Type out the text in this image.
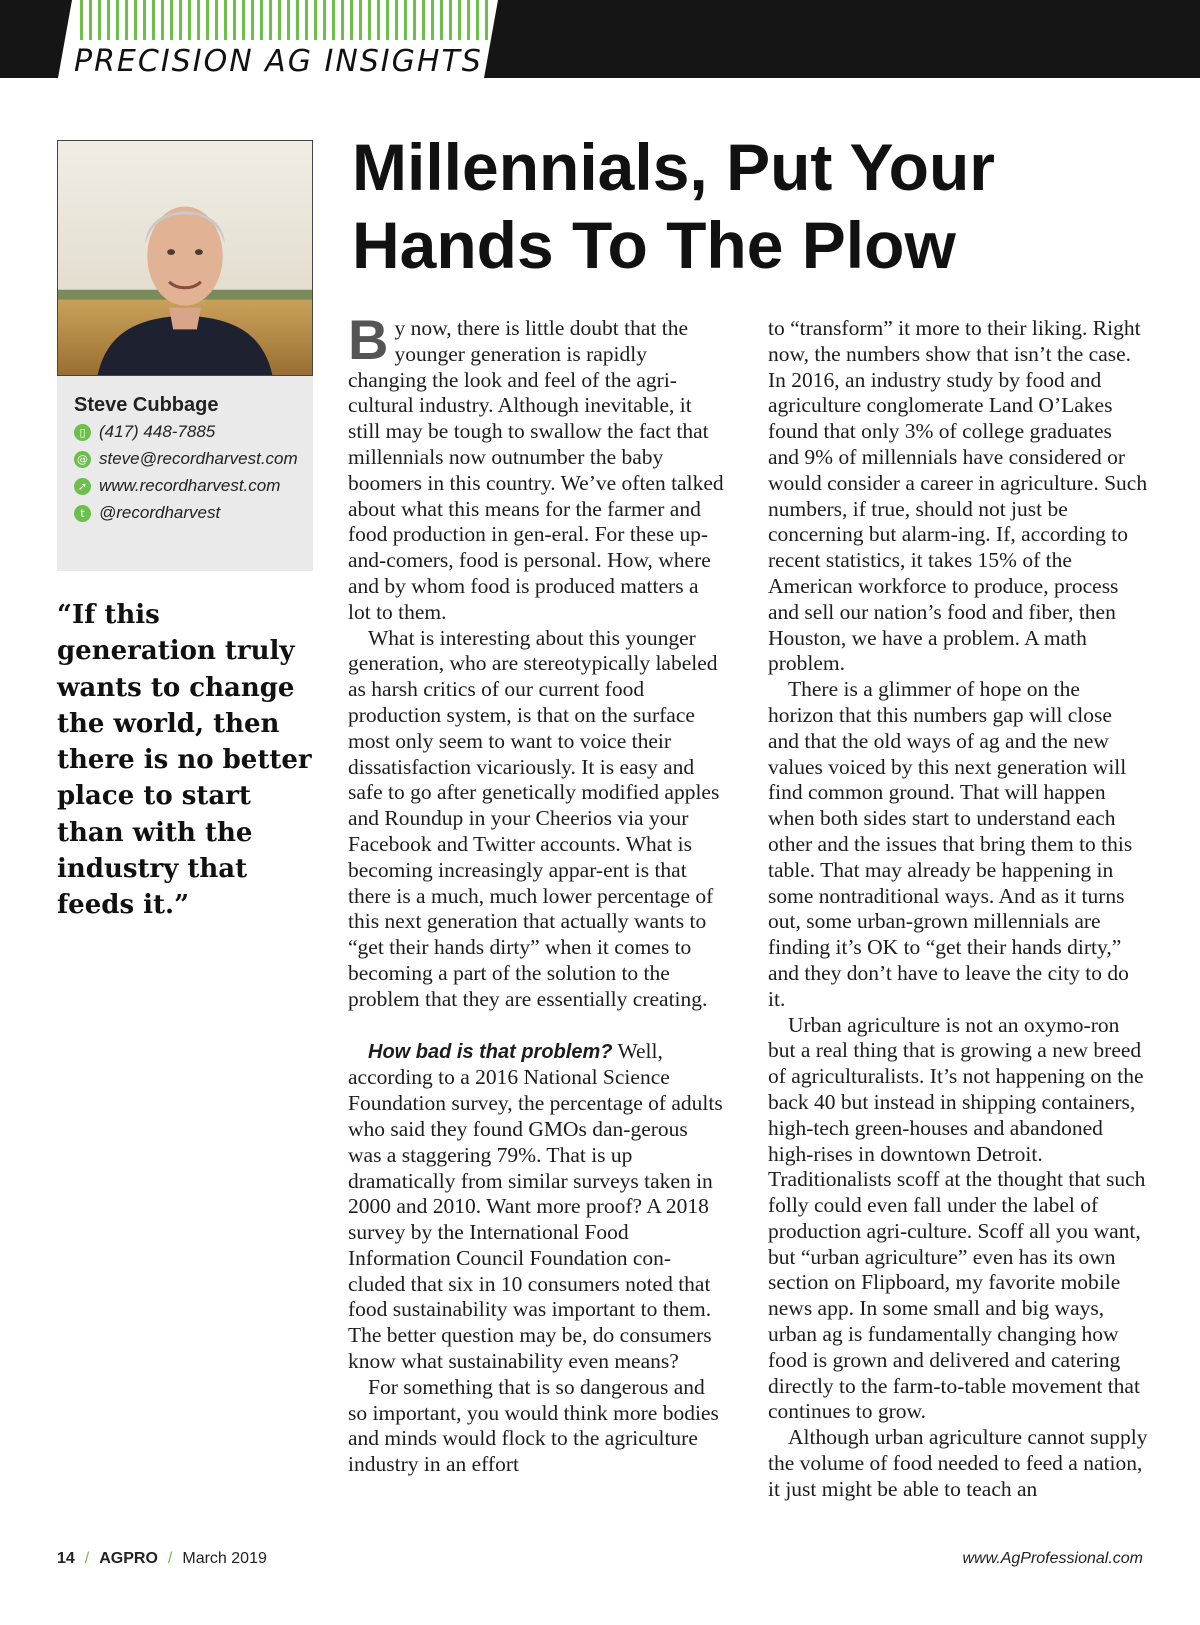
PRECISION AG INSIGHTS
Millennials, Put Your
Hands To The Plow
Steve Cubbage
▯ (417) 448-7885
@ steve@recordharvest.com
➚ www.recordharvest.com
t @recordharvest

“If this generation truly wants to change the world, then there is no better place to start than with the industry that feeds it.”

By now, there is little doubt that the younger generation is rapidly changing the look and feel of the agri-cultural industry. Although inevitable, it still may be tough to swallow the fact that millennials now outnumber the baby boomers in this country. We’ve often talked about what this means for the farmer and food production in gen-eral. For these up-and-comers, food is personal. How, where and by whom food is produced matters a lot to them.

What is interesting about this younger generation, who are stereotypically labeled as harsh critics of our current food production system, is that on the surface most only seem to want to voice their dissatisfaction vicariously. It is easy and safe to go after genetically modified apples and Roundup in your Cheerios via your Facebook and Twitter accounts. What is becoming increasingly appar-ent is that there is a much, much lower percentage of this next generation that actually wants to “get their hands dirty” when it comes to becoming a part of the solution to the problem that they are essentially creating.

How bad is that problem? Well, according to a 2016 National Science Foundation survey, the percentage of adults who said they found GMOs dan-gerous was a staggering 79%. That is up dramatically from similar surveys taken in 2000 and 2010. Want more proof? A 2018 survey by the International Food Information Council Foundation con-cluded that six in 10 consumers noted that food sustainability was important to them. The better question may be, do consumers know what sustainability even means?

For something that is so dangerous and so important, you would think more bodies and minds would flock to the agriculture industry in an effort

to “transform” it more to their liking. Right now, the numbers show that isn’t the case. In 2016, an industry study by food and agriculture conglomerate Land O’Lakes found that only 3% of college graduates and 9% of millennials have considered or would consider a career in agriculture. Such numbers, if true, should not just be concerning but alarm-ing. If, according to recent statistics, it takes 15% of the American workforce to produce, process and sell our nation’s food and fiber, then Houston, we have a problem. A math problem.

There is a glimmer of hope on the horizon that this numbers gap will close and that the old ways of ag and the new values voiced by this next generation will find common ground. That will happen when both sides start to understand each other and the issues that bring them to this table. That may already be happening in some nontraditional ways. And as it turns out, some urban-grown millennials are finding it’s OK to “get their hands dirty,” and they don’t have to leave the city to do it.

Urban agriculture is not an oxymo-ron but a real thing that is growing a new breed of agriculturalists. It’s not happening on the back 40 but instead in shipping containers, high-tech green-houses and abandoned high-rises in downtown Detroit. Traditionalists scoff at the thought that such folly could even fall under the label of production agri-culture. Scoff all you want, but “urban agriculture” even has its own section on Flipboard, my favorite mobile news app. In some small and big ways, urban ag is fundamentally changing how food is grown and delivered and catering directly to the farm-to-table movement that continues to grow.

Although urban agriculture cannot supply the volume of food needed to feed a nation, it just might be able to teach an

14 / AGPRO / March 2019	www.AgProfessional.com
